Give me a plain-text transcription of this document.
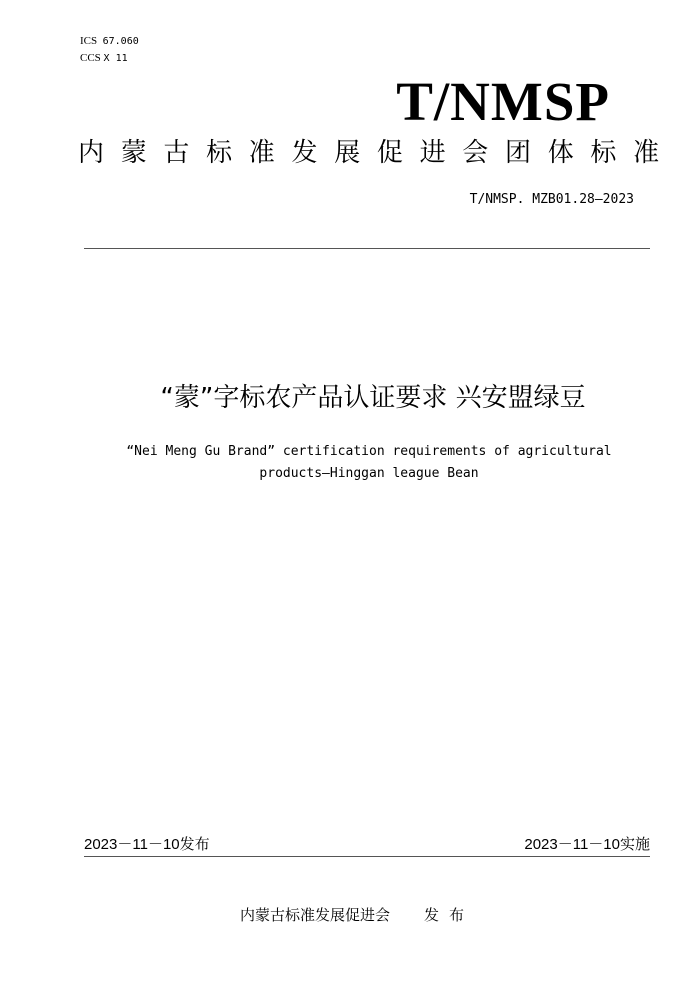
ICS 67.060
CCS X 11
T/NMSP
内蒙古标准发展促进会团体标准
T/NMSP. MZB01.28—2023
“蒙”字标农产品认证要求 兴安盟绿豆
“Nei Meng Gu Brand” certification requirements of agricultural
products—Hinggan league Bean
2023－11－10发布	2023－11－10实施
内蒙古标准发展促进会 发布
